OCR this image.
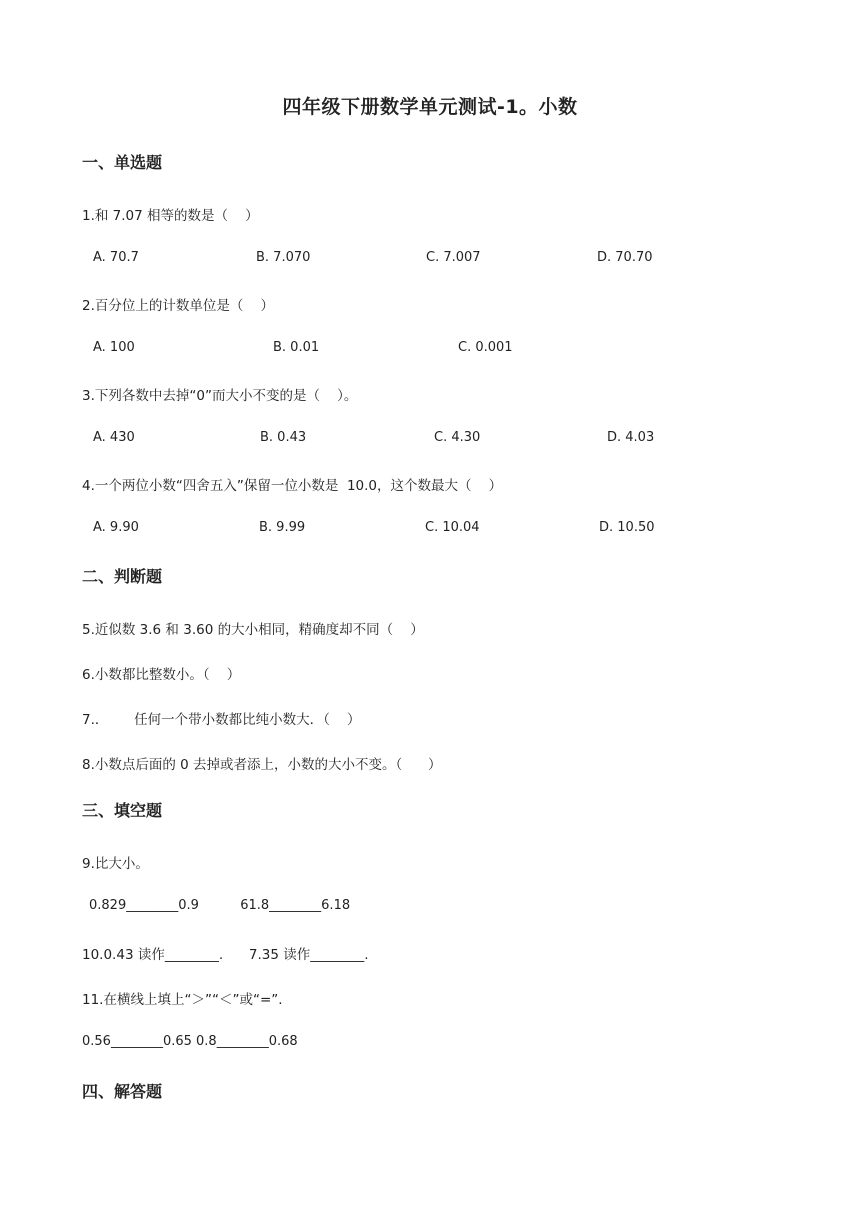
四年级下册数学单元测试-1。小数
一、单选题
1.和 7.07 相等的数是（    ）
A. 70.7	B. 7.070	C. 7.007	D. 70.70
2.百分位上的计数单位是（    ）
A. 100	B. 0.01	C. 0.001
3.下列各数中去掉“0”而大小不变的是（    ）。
A. 430	B. 0.43	C. 4.30	D. 4.03
4.一个两位小数“四舍五入”保留一位小数是  10.0，这个数最大（    ）
A. 9.90	B. 9.99	C. 10.04	D. 10.50
二、判断题
5.近似数 3.6 和 3.60 的大小相同，精确度却不同（    ）
6.小数都比整数小。（    ）
7.．      任何一个带小数都比纯小数大．（    ）
8.小数点后面的 0 去掉或者添上，小数的大小不变。（      ）
三、填空题
9.比大小。
0.829________0.9          61.8________6.18
10.0.43 读作________.      7.35 读作________.
11.在横线上填上“＞”“＜”或“=”.
0.56________0.65 0.8________0.68
四、解答题
